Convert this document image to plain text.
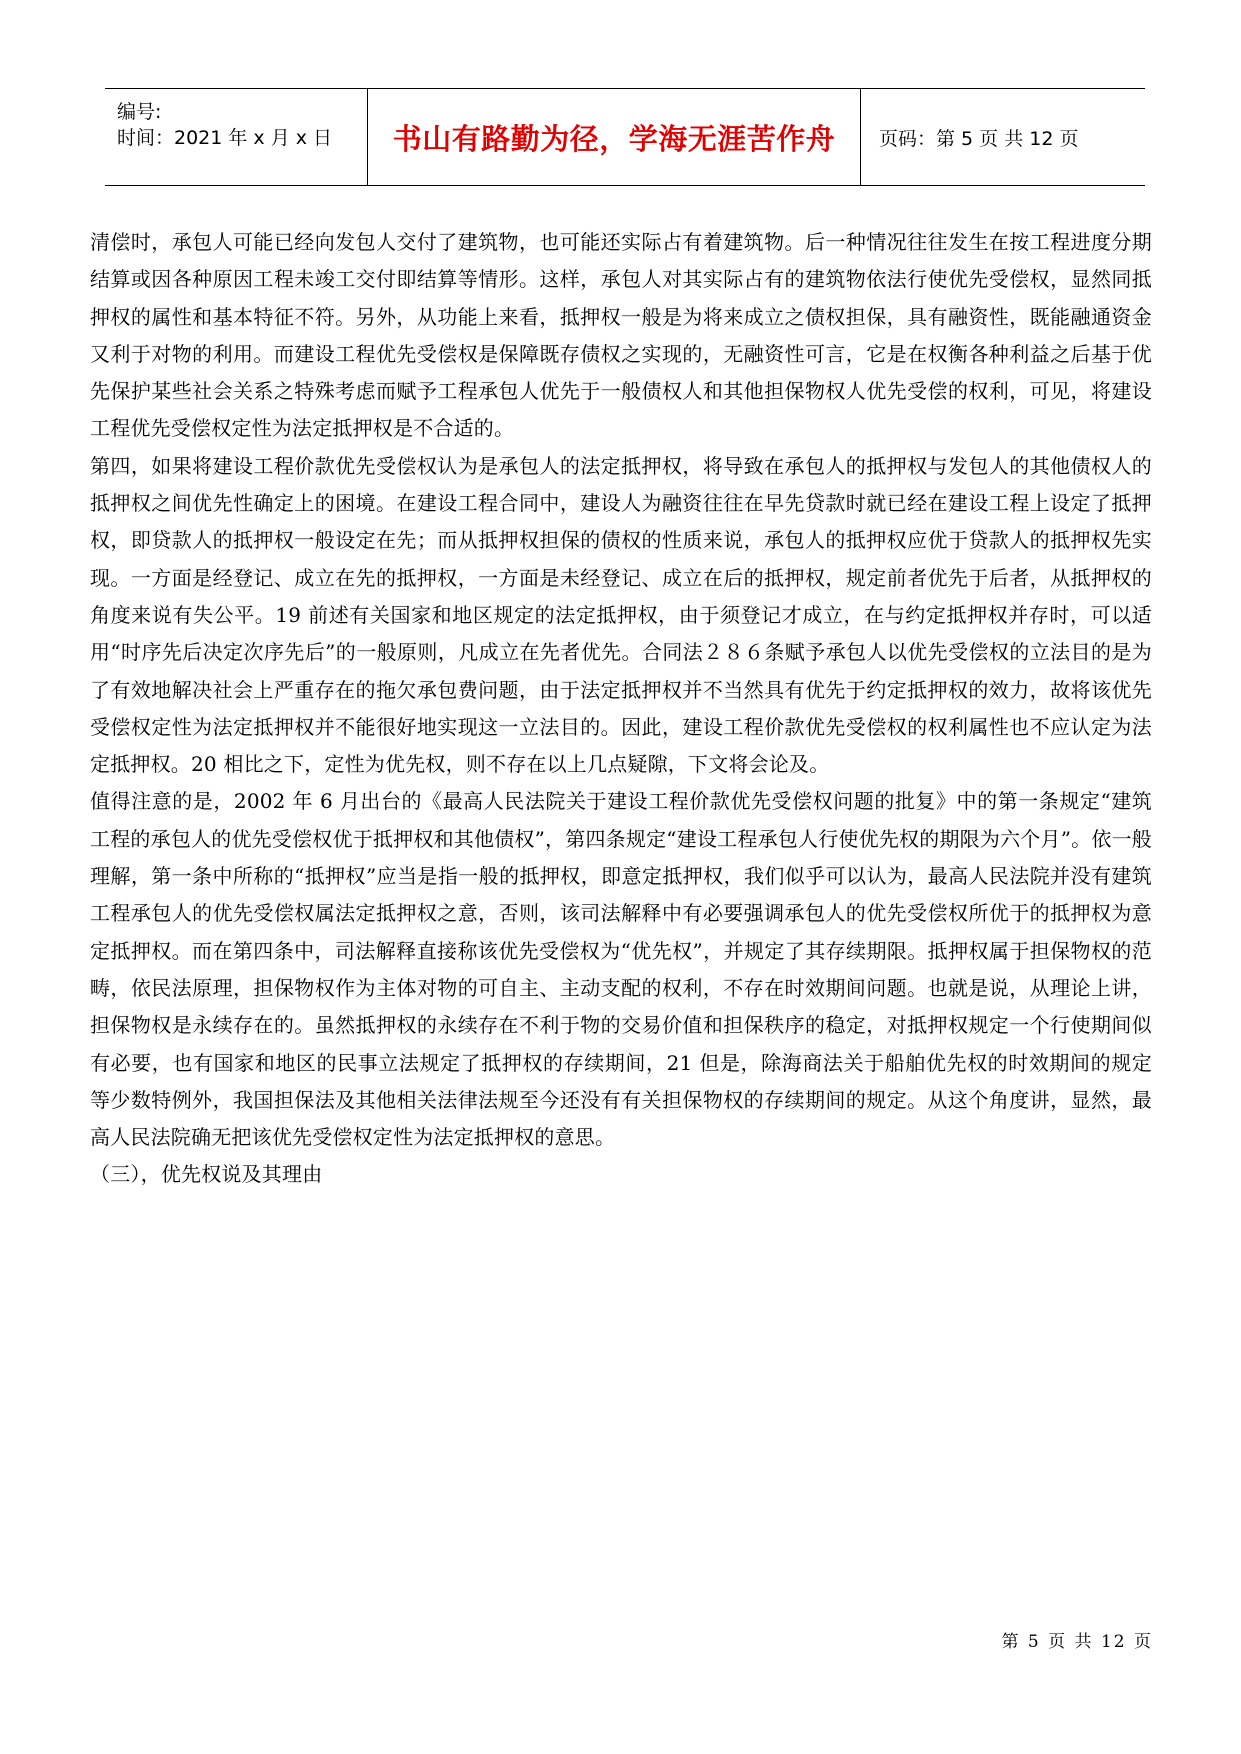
编号:
时间：2021 年 x 月 x 日 书山有路勤为径，学海无涯苦作舟	页码：第 5 页 共 12 页

清偿时，承包人可能已经向发包人交付了建筑物，也可能还实际占有着建筑物。后一种情况往往发生在按工程进度分期结算或因各种原因工程未竣工交付即结算等情形。这样，承包人对其实际占有的建筑物依法行使优先受偿权，显然同抵押权的属性和基本特征不符。另外，从功能上来看，抵押权一般是为将来成立之债权担保，具有融资性，既能融通资金又利于对物的利用。而建设工程优先受偿权是保障既存债权之实现的，无融资性可言，它是在权衡各种利益之后基于优先保护某些社会关系之特殊考虑而赋予工程承包人优先于一般债权人和其他担保物权人优先受偿的权利，可见，将建设工程优先受偿权定性为法定抵押权是不合适的。

第四，如果将建设工程价款优先受偿权认为是承包人的法定抵押权，将导致在承包人的抵押权与发包人的其他债权人的抵押权之间优先性确定上的困境。在建设工程合同中，建设人为融资往往在早先贷款时就已经在建设工程上设定了抵押权，即贷款人的抵押权一般设定在先；而从抵押权担保的债权的性质来说，承包人的抵押权应优于贷款人的抵押权先实现。一方面是经登记、成立在先的抵押权，一方面是未经登记、成立在后的抵押权，规定前者优先于后者，从抵押权的角度来说有失公平。19 前述有关国家和地区规定的法定抵押权，由于须登记才成立，在与约定抵押权并存时，可以适用“时序先后决定次序先后”的一般原则，凡成立在先者优先。合同法２８６条赋予承包人以优先受偿权的立法目的是为了有效地解决社会上严重存在的拖欠承包费问题，由于法定抵押权并不当然具有优先于约定抵押权的效力，故将该优先受偿权定性为法定抵押权并不能很好地实现这一立法目的。因此，建设工程价款优先受偿权的权利属性也不应认定为法定抵押权。20 相比之下，定性为优先权，则不存在以上几点疑隙，下文将会论及。

值得注意的是，2002 年 6 月出台的《最高人民法院关于建设工程价款优先受偿权问题的批复》中的第一条规定“建筑工程的承包人的优先受偿权优于抵押权和其他债权”，第四条规定“建设工程承包人行使优先权的期限为六个月”。依一般理解，第一条中所称的“抵押权”应当是指一般的抵押权，即意定抵押权，我们似乎可以认为，最高人民法院并没有建筑工程承包人的优先受偿权属法定抵押权之意，否则，该司法解释中有必要强调承包人的优先受偿权所优于的抵押权为意定抵押权。而在第四条中，司法解释直接称该优先受偿权为“优先权”，并规定了其存续期限。抵押权属于担保物权的范畴，依民法原理，担保物权作为主体对物的可自主、主动支配的权利，不存在时效期间问题。也就是说，从理论上讲，担保物权是永续存在的。虽然抵押权的永续存在不利于物的交易价值和担保秩序的稳定，对抵押权规定一个行使期间似有必要，也有国家和地区的民事立法规定了抵押权的存续期间，21 但是，除海商法关于船舶优先权的时效期间的规定等少数特例外，我国担保法及其他相关法律法规至今还没有有关担保物权的存续期间的规定。从这个角度讲，显然，最高人民法院确无把该优先受偿权定性为法定抵押权的意思。

（三），优先权说及其理由

第 5 页 共 12 页
